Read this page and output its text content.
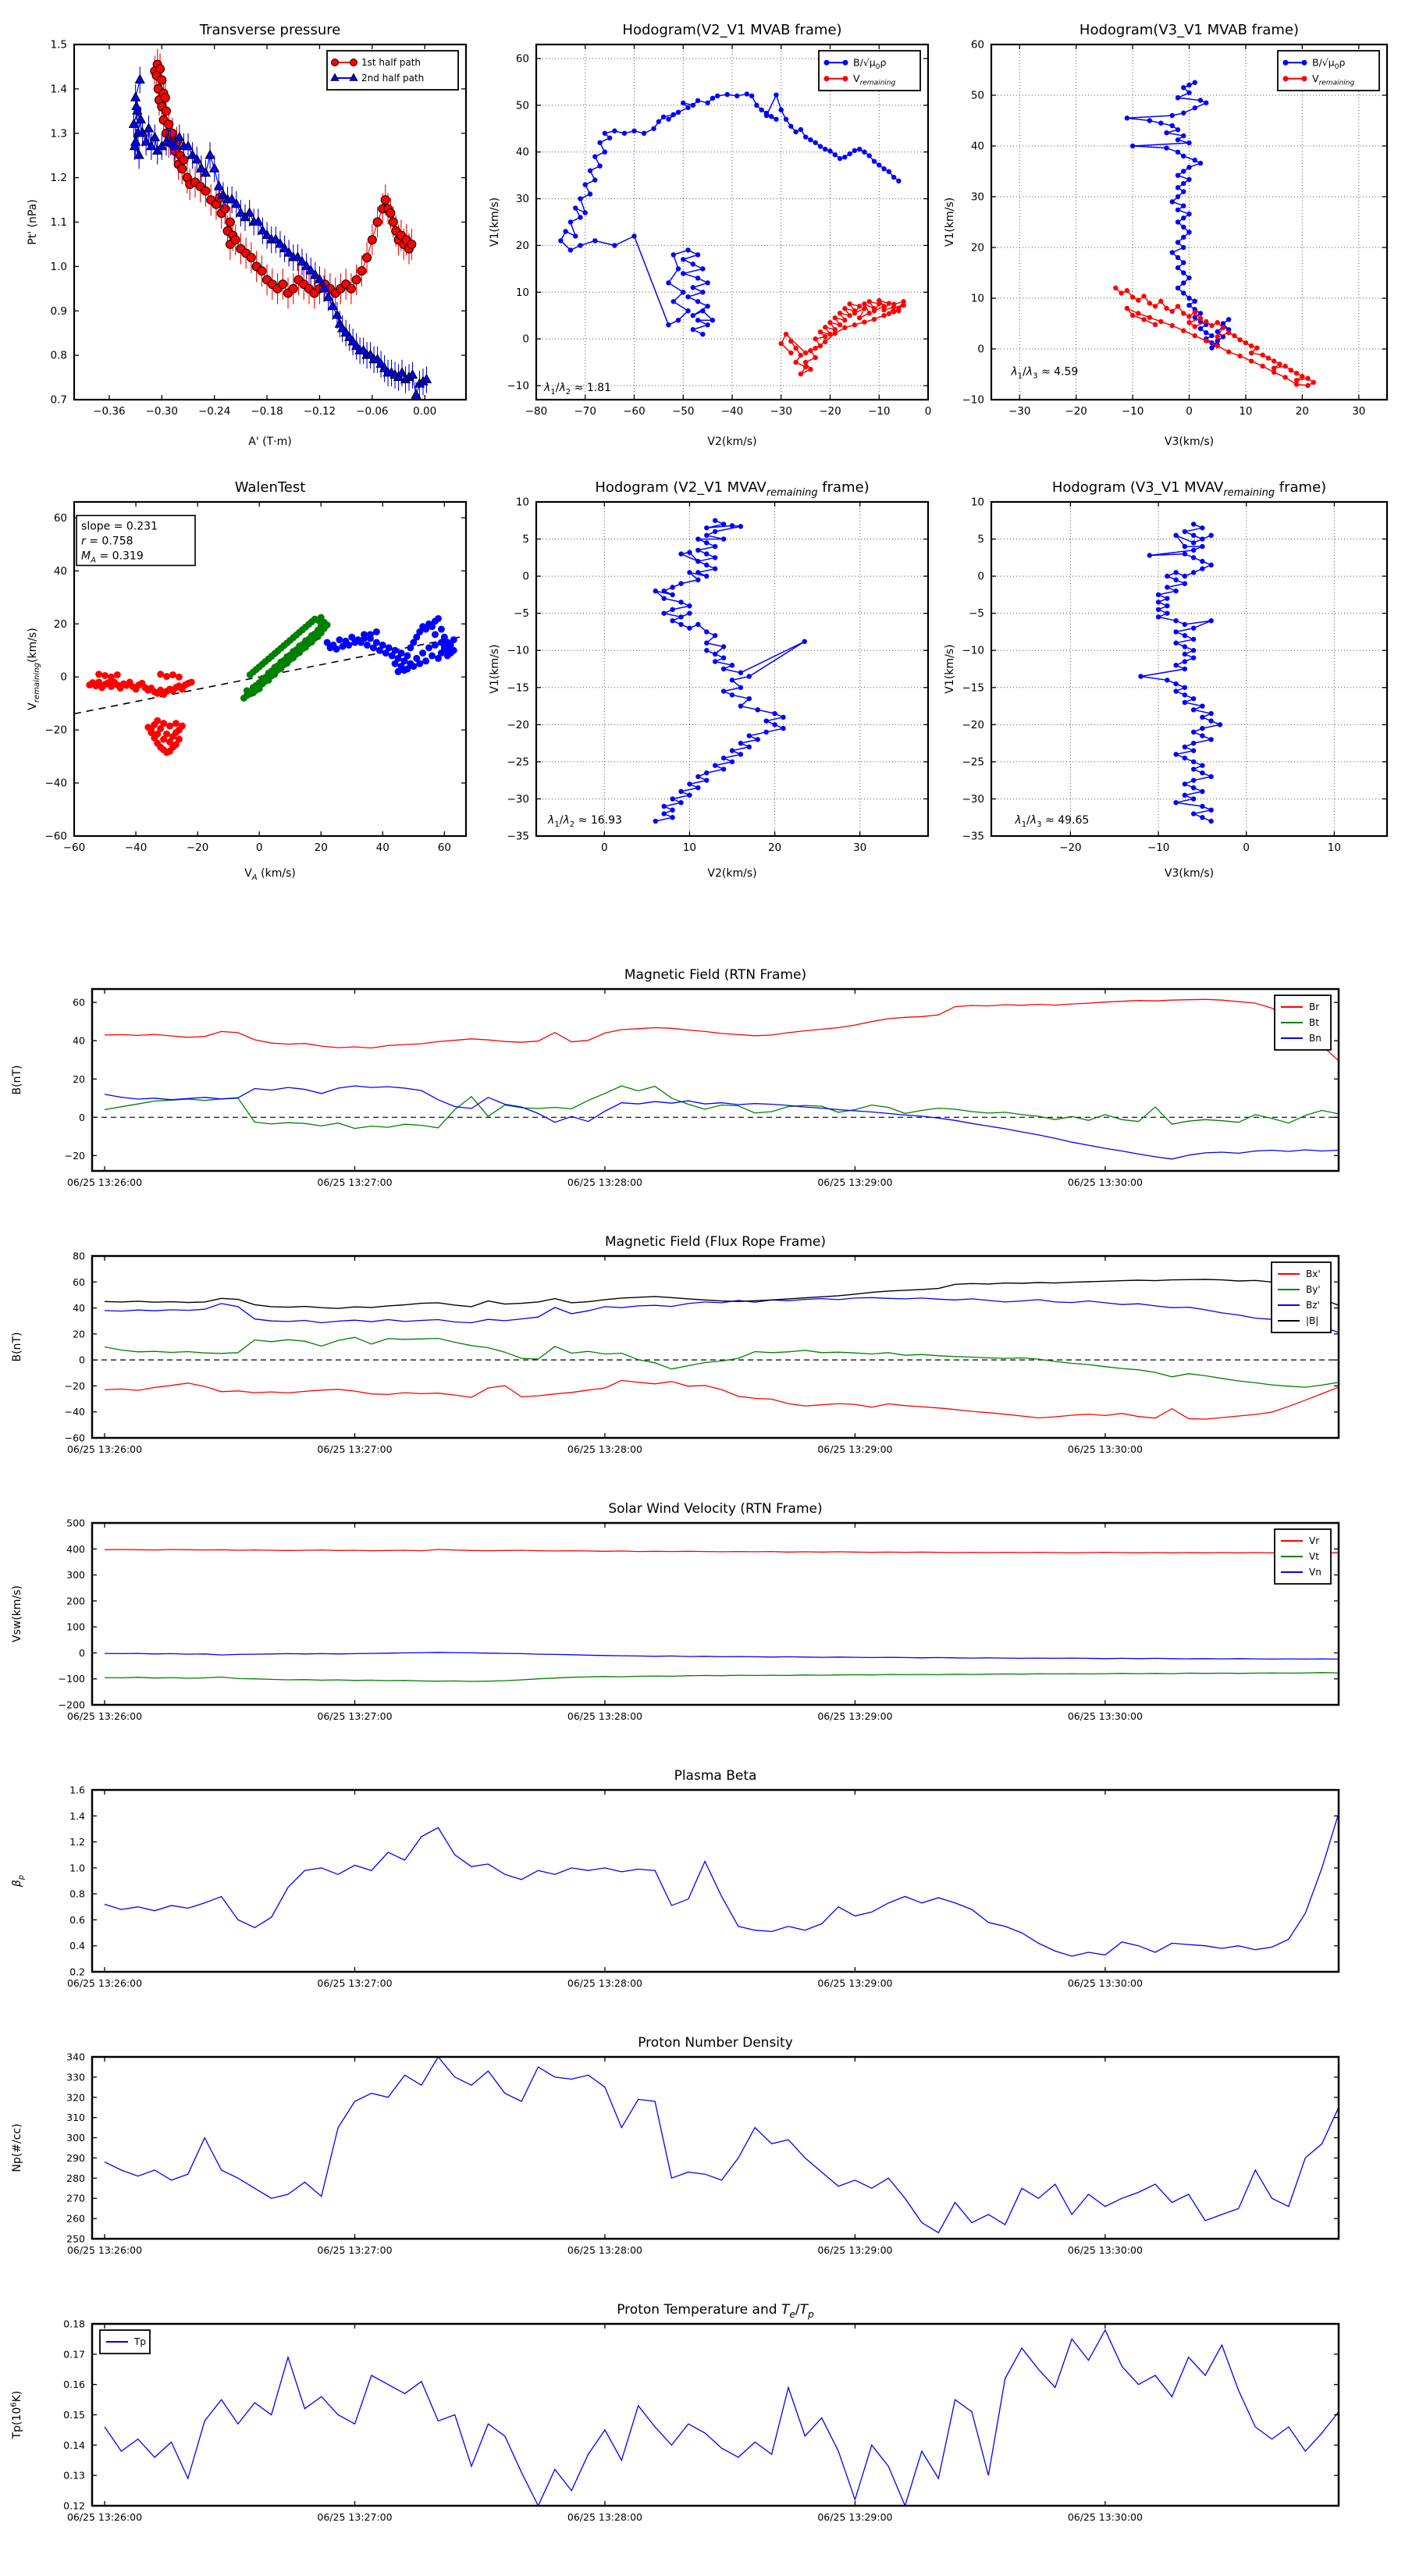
−0.36 −0.30 −0.24 −0.18 −0.12 −0.06 0.00
0.7
0.8
0.9
1.0
1.1
1.2
1.3
1.4
1.5
Transverse pressure
A' (T·m)
Pt' (nPa)
1st half path
2nd half path
−80	−70	−60	−50	−40	−30	−20	−10	0
−10
0
10
20
30
40
50
60
Hodogram(V2_V1 MVAB frame)
V2(km/s)
V1(km/s)
$B/√\mu_0\rho$
$V_{remaining}$
$\lambda_1/\lambda_2 \approx 1.81$
−30	−20	−10	0	10	20	30
−10
0
10
20
30
40
50
60
Hodogram(V3_V1 MVAB frame)
V3(km/s)
V1(km/s)
$B/√\mu_0\rho$
$V_{remaining}$
$\lambda_1/\lambda_3 \approx 4.59$
−60	−40	−20	0	20	40	60
−60
−40
−20
0
20
40
60
WalenTest
$V_A$ (km/s)
$V_{remaining}(km/s)$
slope = 0.231
r = 0.758
$M_A = 0.319$
0	10	20	30
−35
−30
−25
−20
−15
−10
−5
0
5
10
Hodogram (V2_V1 $MVAV_{remaining}$ frame)
V2(km/s)
V1(km/s)
$\lambda_1/\lambda_2 \approx 16.93$
−20	−10	0	10
−35
−30
−25
−20
−15
−10
−5
0
5
10
Hodogram (V3_V1 $MVAV_{remaining}$ frame)
V3(km/s)
V1(km/s)
$\lambda_1/\lambda_3 \approx 49.65$
06/25 13:26:00	06/25 13:27:00	06/25 13:28:00	06/25 13:29:00	06/25 13:30:00
−20
0
20
40
60
Magnetic Field (RTN Frame)
B(nT)
Br
Bt
Bn
06/25 13:26:00	06/25 13:27:00	06/25 13:28:00	06/25 13:29:00	06/25 13:30:00
−60
−40
−20
0
20
40
60
80
Magnetic Field (Flux Rope Frame)
B(nT)
Bx'
By'
Bz'
|B|
06/25 13:26:00	06/25 13:27:00	06/25 13:28:00	06/25 13:29:00	06/25 13:30:00
−200
−100
0
100
200
300
400
500
Solar Wind Velocity (RTN Frame)
Vsw(km/s)
Vr
Vt
Vn
06/25 13:26:00	06/25 13:27:00	06/25 13:28:00	06/25 13:29:00	06/25 13:30:00
0.2
0.4
0.6
0.8
1.0
1.2
1.4
1.6
Plasma Beta
$\beta_p$
06/25 13:26:00	06/25 13:27:00	06/25 13:28:00	06/25 13:29:00	06/25 13:30:00
250
260
270
280
290
300
310
320
330
340
Proton Number Density
Np(#/cc)
06/25 13:26:00	06/25 13:27:00	06/25 13:28:00	06/25 13:29:00	06/25 13:30:00
0.12
0.13
0.14
0.15
0.16
0.17
0.18
Proton Temperature and $T_e/T_p$
$Tp(10^6K)$
Tp
